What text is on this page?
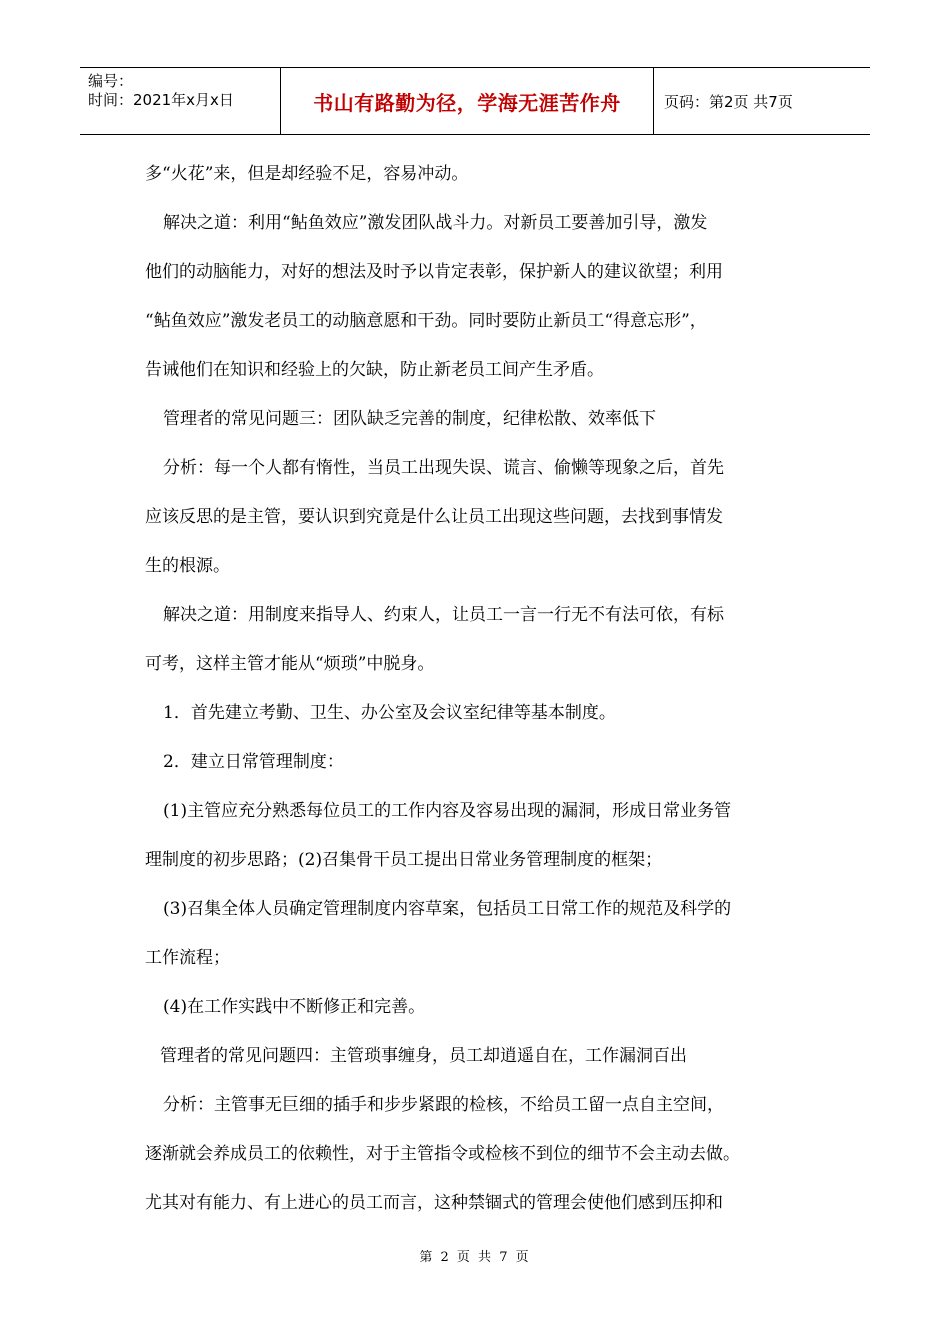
编号：
时间：2021年x月x日	书山有路勤为径，学海无涯苦作舟	页码：第2页 共7页

多“火花”来，但是却经验不足，容易冲动。

解决之道：利用“鲇鱼效应”激发团队战斗力。对新员工要善加引导，激发

他们的动脑能力，对好的想法及时予以肯定表彰，保护新人的建议欲望；利用

“鲇鱼效应”激发老员工的动脑意愿和干劲。同时要防止新员工“得意忘形”，

告诫他们在知识和经验上的欠缺，防止新老员工间产生矛盾。

管理者的常见问题三：团队缺乏完善的制度，纪律松散、效率低下

分析：每一个人都有惰性，当员工出现失误、谎言、偷懒等现象之后，首先

应该反思的是主管，要认识到究竟是什么让员工出现这些问题，去找到事情发

生的根源。

解决之道：用制度来指导人、约束人，让员工一言一行无不有法可依，有标

可考，这样主管才能从“烦琐”中脱身。

1．首先建立考勤、卫生、办公室及会议室纪律等基本制度。

2．建立日常管理制度：

(1)主管应充分熟悉每位员工的工作内容及容易出现的漏洞，形成日常业务管

理制度的初步思路；(2)召集骨干员工提出日常业务管理制度的框架；

(3)召集全体人员确定管理制度内容草案，包括员工日常工作的规范及科学的

工作流程；

(4)在工作实践中不断修正和完善。

管理者的常见问题四：主管琐事缠身，员工却逍遥自在，工作漏洞百出

分析：主管事无巨细的插手和步步紧跟的检核，不给员工留一点自主空间，

逐渐就会养成员工的依赖性，对于主管指令或检核不到位的细节不会主动去做。

尤其对有能力、有上进心的员工而言，这种禁锢式的管理会使他们感到压抑和

第 2 页 共 7 页
